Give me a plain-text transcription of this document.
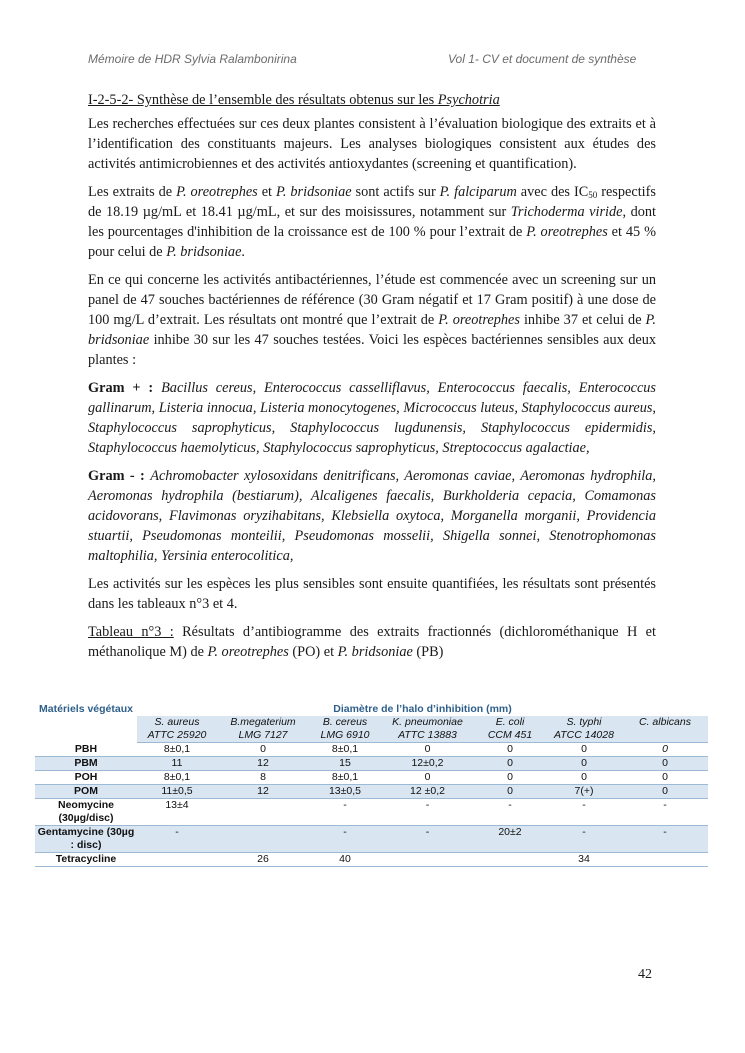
Mémoire de HDR Sylvia Ralambonirina	Vol 1- CV et document de synthèse

I-2-5-2- Synthèse de l’ensemble des résultats obtenus sur les Psychotria

Les recherches effectuées sur ces deux plantes consistent à l’évaluation biologique des extraits et à l’identification des constituants majeurs. Les analyses biologiques consistent aux études des activités antimicrobiennes et des activités antioxydantes (screening et quantification).

Les extraits de P. oreotrephes et P. bridsoniae sont actifs sur P. falciparum avec des $IC_{50}$ respectifs de 18.19 µg/mL et 18.41 µg/mL, et sur des moisissures, notamment sur Trichoderma viride, dont les pourcentages d'inhibition de la croissance est de 100 % pour l’extrait de P. oreotrephes et 45 % pour celui de P. bridsoniae.

En ce qui concerne les activités antibactériennes, l’étude est commencée avec un screening sur un panel de 47 souches bactériennes de référence (30 Gram négatif et 17 Gram positif) à une dose de 100 mg/L d’extrait. Les résultats ont montré que l’extrait de P. oreotrephes inhibe 37 et celui de P. bridsoniae inhibe 30 sur les 47 souches testées. Voici les espèces bactériennes sensibles aux deux plantes :

Gram + : Bacillus cereus, Enterococcus casselliflavus, Enterococcus faecalis, Enterococcus gallinarum, Listeria innocua, Listeria monocytogenes, Micrococcus luteus, Staphylococcus aureus, Staphylococcus saprophyticus, Staphylococcus lugdunensis, Staphylococcus epidermidis, Staphylococcus haemolyticus, Staphylococcus saprophyticus, Streptococcus agalactiae,

Gram - : Achromobacter xylosoxidans denitrificans, Aeromonas caviae, Aeromonas hydrophila, Aeromonas hydrophila (bestiarum), Alcaligenes faecalis, Burkholderia cepacia, Comamonas acidovorans, Flavimonas oryzihabitans, Klebsiella oxytoca, Morganella morganii, Providencia stuartii, Pseudomonas monteilii, Pseudomonas mosselii, Shigella sonnei, Stenotrophomonas maltophilia, Yersinia enterocolitica,

Les activités sur les espèces les plus sensibles sont ensuite quantifiées, les résultats sont présentés dans les tableaux n°3 et 4.

Tableau n°3 : Résultats d’antibiogramme des extraits fractionnés (dichlorométhanique H et méthanolique M) de P. oreotrephes (PO) et P. bridsoniae (PB)

Matériels végétaux	Diamètre de l’halo d’inhibition (mm)						
	S. aureus	B.megaterium	B. cereus	K. pneumoniae	E. coli	S. typhi	C. albicans
	ATTC 25920	LMG 7127	LMG 6910	ATTC 13883	CCM 451	ATCC 14028	
PBH	8±0,1	0	8±0,1	0	0	0	0
PBM	11	12	15	12±0,2	0	0	0
POH	8±0,1	8	8±0,1	0	0	0	0
POM	11±0,5	12	13±0,5	12 ±0,2	0	7(+)	0
Neomycine (30µg/disc)	13±4		-	-	-	-	-
Gentamycine (30µg : disc)	-		-	-	20±2	-	-
Tetracycline		26	40			34	
42
